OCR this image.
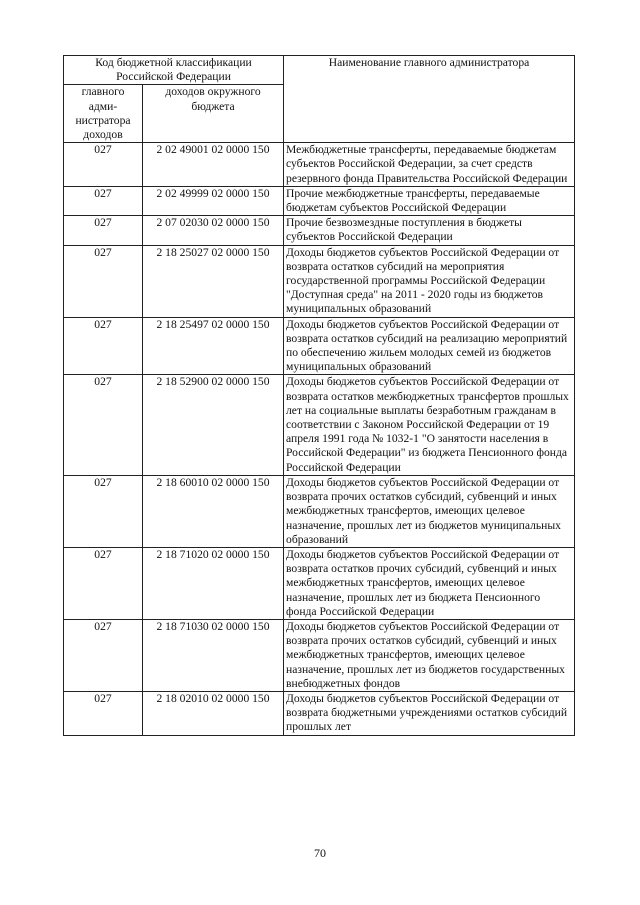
Код бюджетной классификации Российской Федерации		Наименование главного администратора
главного адми-нистратора доходов	доходов окружного бюджета	
027	2 02 49001 02 0000 150	Межбюджетные трансферты, передаваемые бюджетам субъектов Российской Федерации, за счет средств резервного фонда Правительства Российской Федерации
027	2 02 49999 02 0000 150	Прочие межбюджетные трансферты, передаваемые бюджетам субъектов Российской Федерации
027	2 07 02030 02 0000 150	Прочие безвозмездные поступления в бюджеты субъектов Российской Федерации
027	2 18 25027 02 0000 150	Доходы бюджетов субъектов Российской Федерации от возврата остатков субсидий на мероприятия государственной программы Российской Федерации "Доступная среда" на 2011 - 2020 годы из бюджетов муниципальных образований
027	2 18 25497 02 0000 150	Доходы бюджетов субъектов Российской Федерации от возврата остатков субсидий на реализацию мероприятий по обеспечению жильем молодых семей из бюджетов муниципальных образований
027	2 18 52900 02 0000 150	Доходы бюджетов субъектов Российской Федерации от возврата остатков межбюджетных трансфертов прошлых лет на социальные выплаты безработным гражданам в соответствии с Законом Российской Федерации от 19 апреля 1991 года № 1032-1 "О занятости населения в Российской Федерации" из бюджета Пенсионного фонда Российской Федерации
027	2 18 60010 02 0000 150	Доходы бюджетов субъектов Российской Федерации от возврата прочих остатков субсидий, субвенций и иных межбюджетных трансфертов, имеющих целевое назначение, прошлых лет из бюджетов муниципальных образований
027	2 18 71020 02 0000 150	Доходы бюджетов субъектов Российской Федерации от возврата остатков прочих субсидий, субвенций и иных межбюджетных трансфертов, имеющих целевое назначение, прошлых лет из бюджета Пенсионного фонда Российской Федерации
027	2 18 71030 02 0000 150	Доходы бюджетов субъектов Российской Федерации от возврата прочих остатков субсидий, субвенций и иных межбюджетных трансфертов, имеющих целевое назначение, прошлых лет из бюджетов государственных внебюджетных фондов
027	2 18 02010 02 0000 150	Доходы бюджетов субъектов Российской Федерации от возврата бюджетными учреждениями остатков субсидий прошлых лет
70
